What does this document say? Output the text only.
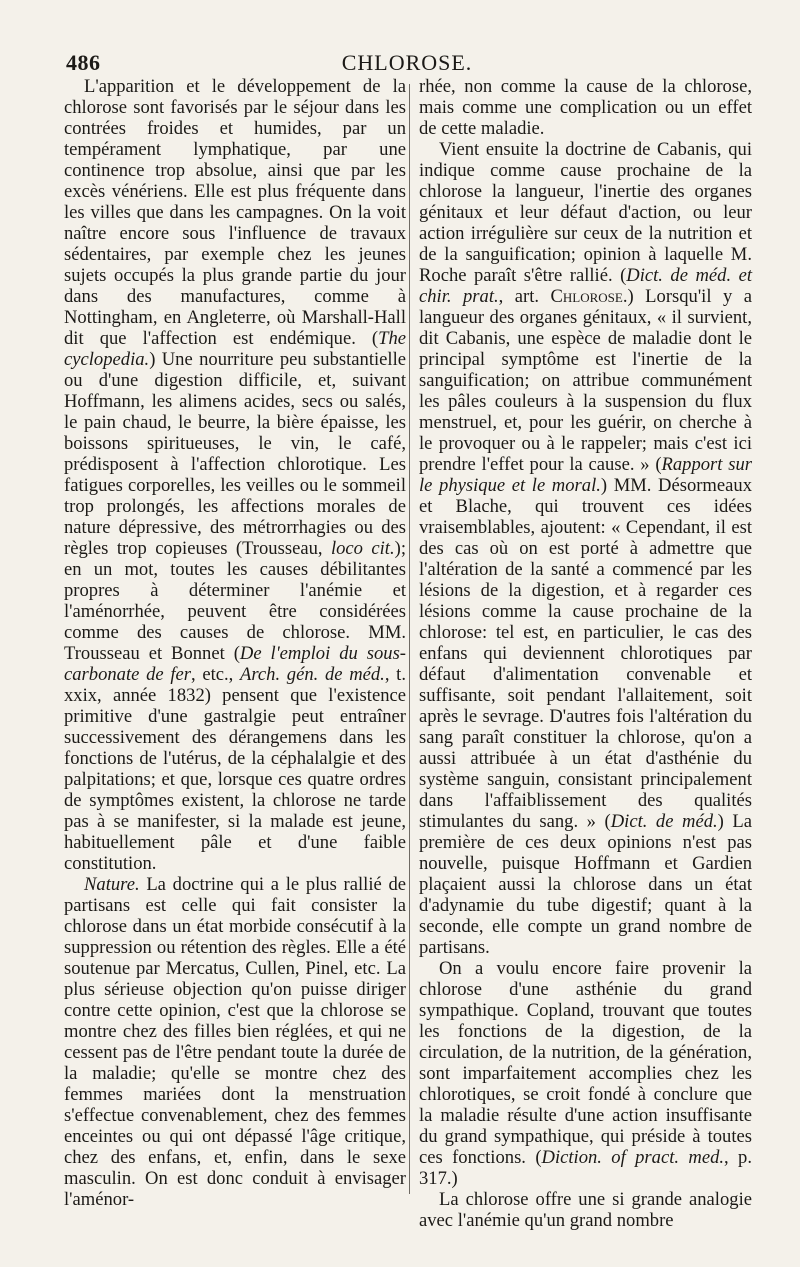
486	CHLOROSE.

L'apparition et le développement de la chlorose sont favorisés par le séjour dans les contrées froides et humides, par un tempérament lymphatique, par une continence trop absolue, ainsi que par les excès vénériens. Elle est plus fréquente dans les villes que dans les campagnes. On la voit naître encore sous l'influence de travaux sédentaires, par exemple chez les jeunes sujets occupés la plus grande partie du jour dans des manufactures, comme à Nottingham, en Angleterre, où Marshall-Hall dit que l'affection est endémique. (The cyclopedia.) Une nourriture peu substantielle ou d'une digestion difficile, et, suivant Hoffmann, les alimens acides, secs ou salés, le pain chaud, le beurre, la bière épaisse, les boissons spiritueuses, le vin, le café, prédisposent à l'affection chlorotique. Les fatigues corporelles, les veilles ou le sommeil trop prolongés, les affections morales de nature dépressive, des métrorrhagies ou des règles trop copieuses (Trousseau, loco cit.); en un mot, toutes les causes débilitantes propres à déterminer l'anémie et l'aménorrhée, peuvent être considérées comme des causes de chlorose. MM. Trousseau et Bonnet (De l'emploi du sous-carbonate de fer, etc., Arch. gén. de méd., t. xxix, année 1832) pensent que l'existence primitive d'une gastralgie peut entraîner successivement des dérangemens dans les fonctions de l'utérus, de la céphalalgie et des palpitations; et que, lorsque ces quatre ordres de symptômes existent, la chlorose ne tarde pas à se manifester, si la malade est jeune, habituellement pâle et d'une faible constitution.

Nature. La doctrine qui a le plus rallié de partisans est celle qui fait consister la chlorose dans un état morbide consécutif à la suppression ou rétention des règles. Elle a été soutenue par Mercatus, Cullen, Pinel, etc. La plus sérieuse objection qu'on puisse diriger contre cette opinion, c'est que la chlorose se montre chez des filles bien réglées, et qui ne cessent pas de l'être pendant toute la durée de la maladie; qu'elle se montre chez des femmes mariées dont la menstruation s'effectue convenablement, chez des femmes enceintes ou qui ont dépassé l'âge critique, chez des enfans, et, enfin, dans le sexe masculin. On est donc conduit à envisager l'aménor-

rhée, non comme la cause de la chlorose, mais comme une complication ou un effet de cette maladie.

Vient ensuite la doctrine de Cabanis, qui indique comme cause prochaine de la chlorose la langueur, l'inertie des organes génitaux et leur défaut d'action, ou leur action irrégulière sur ceux de la nutrition et de la sanguification; opinion à laquelle M. Roche paraît s'être rallié. (Dict. de méd. et chir. prat., art. Chlorose.) Lorsqu'il y a langueur des organes génitaux, « il survient, dit Cabanis, une espèce de maladie dont le principal symptôme est l'inertie de la sanguification; on attribue communément les pâles couleurs à la suspension du flux menstruel, et, pour les guérir, on cherche à le provoquer ou à le rappeler; mais c'est ici prendre l'effet pour la cause. » (Rapport sur le physique et le moral.) MM. Désormeaux et Blache, qui trouvent ces idées vraisemblables, ajoutent: « Cependant, il est des cas où on est porté à admettre que l'altération de la santé a commencé par les lésions de la digestion, et à regarder ces lésions comme la cause prochaine de la chlorose: tel est, en particulier, le cas des enfans qui deviennent chlorotiques par défaut d'alimentation convenable et suffisante, soit pendant l'allaitement, soit après le sevrage. D'autres fois l'altération du sang paraît constituer la chlorose, qu'on a aussi attribuée à un état d'asthénie du système sanguin, consistant principalement dans l'affaiblissement des qualités stimulantes du sang. » (Dict. de méd.) La première de ces deux opinions n'est pas nouvelle, puisque Hoffmann et Gardien plaçaient aussi la chlorose dans un état d'adynamie du tube digestif; quant à la seconde, elle compte un grand nombre de partisans.

On a voulu encore faire provenir la chlorose d'une asthénie du grand sympathique. Copland, trouvant que toutes les fonctions de la digestion, de la circulation, de la nutrition, de la génération, sont imparfaitement accomplies chez les chlorotiques, se croit fondé à conclure que la maladie résulte d'une action insuffisante du grand sympathique, qui préside à toutes ces fonctions. (Diction. of pract. med., p. 317.)

La chlorose offre une si grande analogie avec l'anémie qu'un grand nombre
